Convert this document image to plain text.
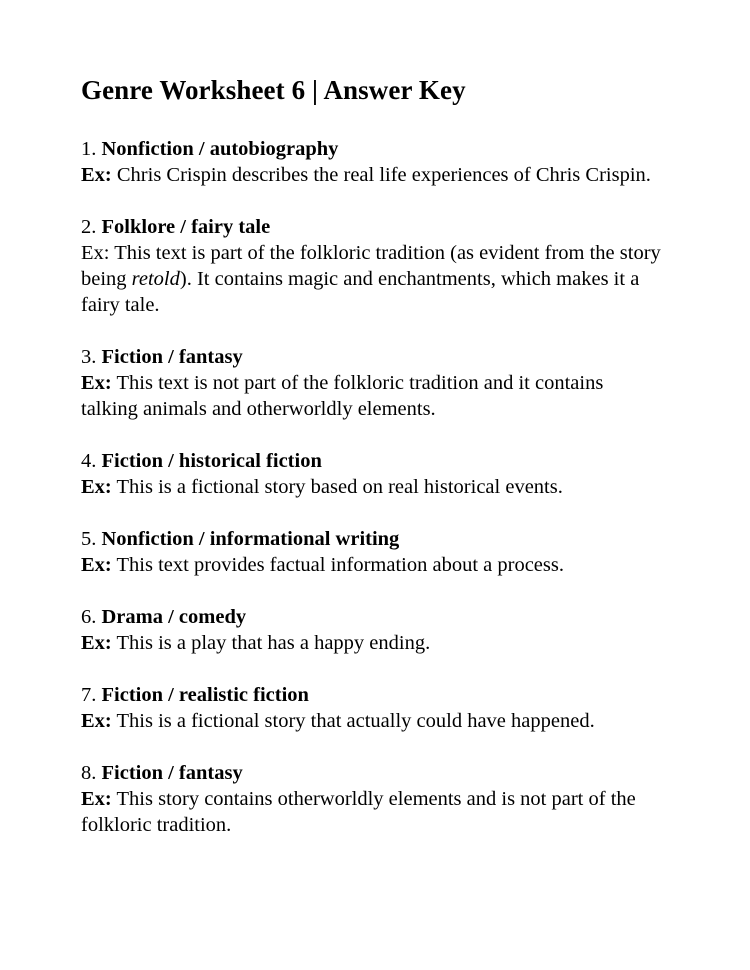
Genre Worksheet 6 | Answer Key

1. Nonfiction / autobiography

Ex: Chris Crispin describes the real life experiences of Chris Crispin.

2. Folklore / fairy tale

Ex: This text is part of the folkloric tradition (as evident from the story being retold). It contains magic and enchantments, which makes it a fairy tale.

3. Fiction / fantasy

Ex: This text is not part of the folkloric tradition and it contains talking animals and otherworldly elements.

4. Fiction / historical fiction

Ex: This is a fictional story based on real historical events.

5. Nonfiction / informational writing

Ex: This text provides factual information about a process.

6. Drama / comedy

Ex: This is a play that has a happy ending.

7. Fiction / realistic fiction

Ex: This is a fictional story that actually could have happened.

8. Fiction / fantasy

Ex: This story contains otherworldly elements and is not part of the folkloric tradition.
